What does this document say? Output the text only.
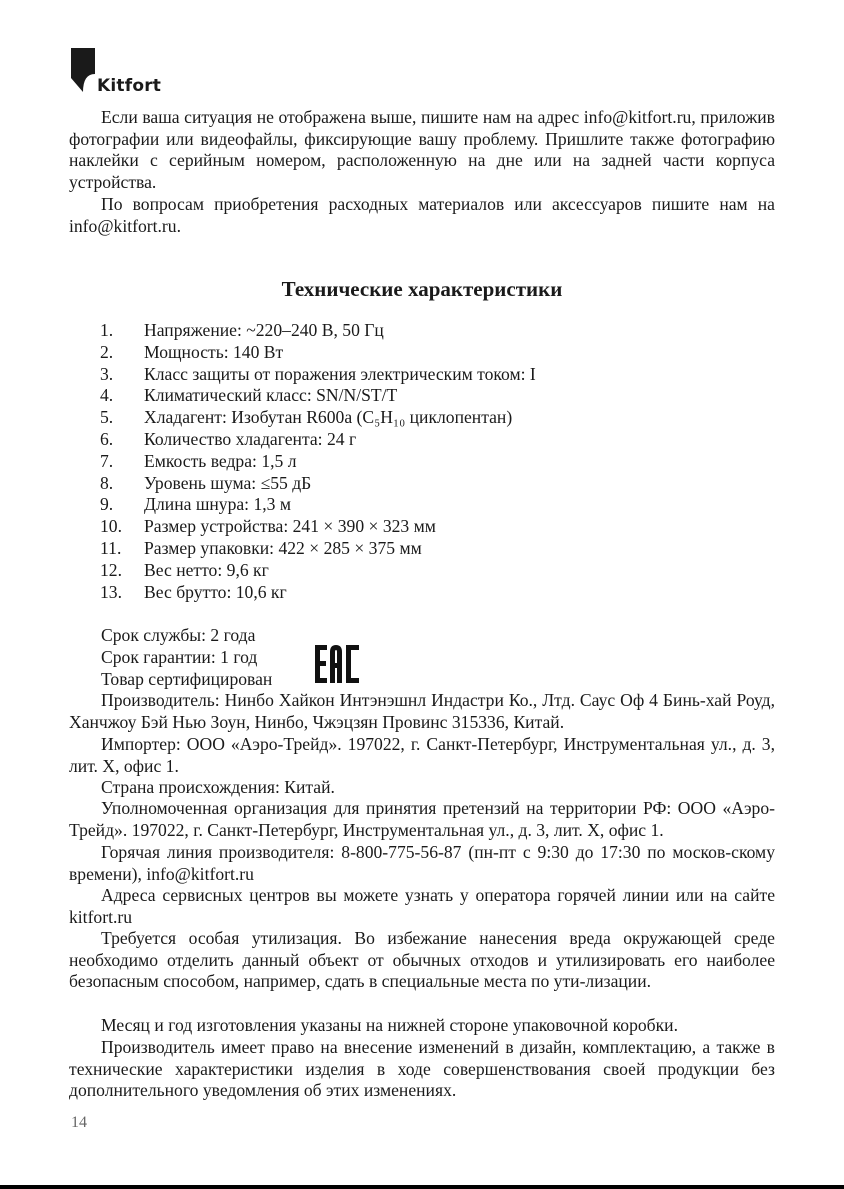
Kitfort

Если ваша ситуация не отображена выше, пишите нам на адрес info@kitfort.ru, приложив фотографии или видеофайлы, фиксирующие вашу проблему. Пришлите также фотографию наклейки с серийным номером, расположенную на дне или на задней части корпуса устройства.

По вопросам приобретения расходных материалов или аксессуаров пишите нам на info@kitfort.ru.

Технические характеристики
1.	Напряжение: ~220–240 В, 50 Гц
2.	Мощность: 140 Вт
3.	Класс защиты от поражения электрическим током: I
4.	Климатический класс: SN/N/ST/T
5.	Хладагент: Изобутан R600a (C₅H₁₀ циклопентан)
6.	Количество хладагента: 24 г
7.	Емкость ведра: 1,5 л
8.	Уровень шума: ≤55 дБ
9.	Длина шнура: 1,3 м
10.	Размер устройства: 241 × 390 × 323 мм
11.	Размер упаковки: 422 × 285 × 375 мм
12.	Вес нетто: 9,6 кг
13.	Вес брутто: 10,6 кг

Срок службы: 2 года

Срок гарантии: 1 год

Товар сертифицирован

Производитель: Нинбо Хайкон Интэнэшнл Индастри Ко., Лтд. Саус Оф 4 Бинь-хай Роуд, Ханчжоу Бэй Нью Зоун, Нинбо, Чжэцзян Провинс 315336, Китай.

Импортер: ООО «Аэро-Трейд». 197022, г. Санкт-Петербург, Инструментальная ул., д. 3, лит. Х, офис 1.

Страна происхождения: Китай.

Уполномоченная организация для принятия претензий на территории РФ: ООО «Аэро-Трейд». 197022, г. Санкт-Петербург, Инструментальная ул., д. 3, лит. Х, офис 1.

Горячая линия производителя: 8-800-775-56-87 (пн-пт с 9:30 до 17:30 по москов-скому времени), info@kitfort.ru

Адреса сервисных центров вы можете узнать у оператора горячей линии или на сайте kitfort.ru

Требуется особая утилизация. Во избежание нанесения вреда окружающей среде необходимо отделить данный объект от обычных отходов и утилизировать его наиболее безопасным способом, например, сдать в специальные места по ути-лизации.

Месяц и год изготовления указаны на нижней стороне упаковочной коробки.

Производитель имеет право на внесение изменений в дизайн, комплектацию, а также в технические характеристики изделия в ходе совершенствования своей продукции без дополнительного уведомления об этих изменениях.

14
